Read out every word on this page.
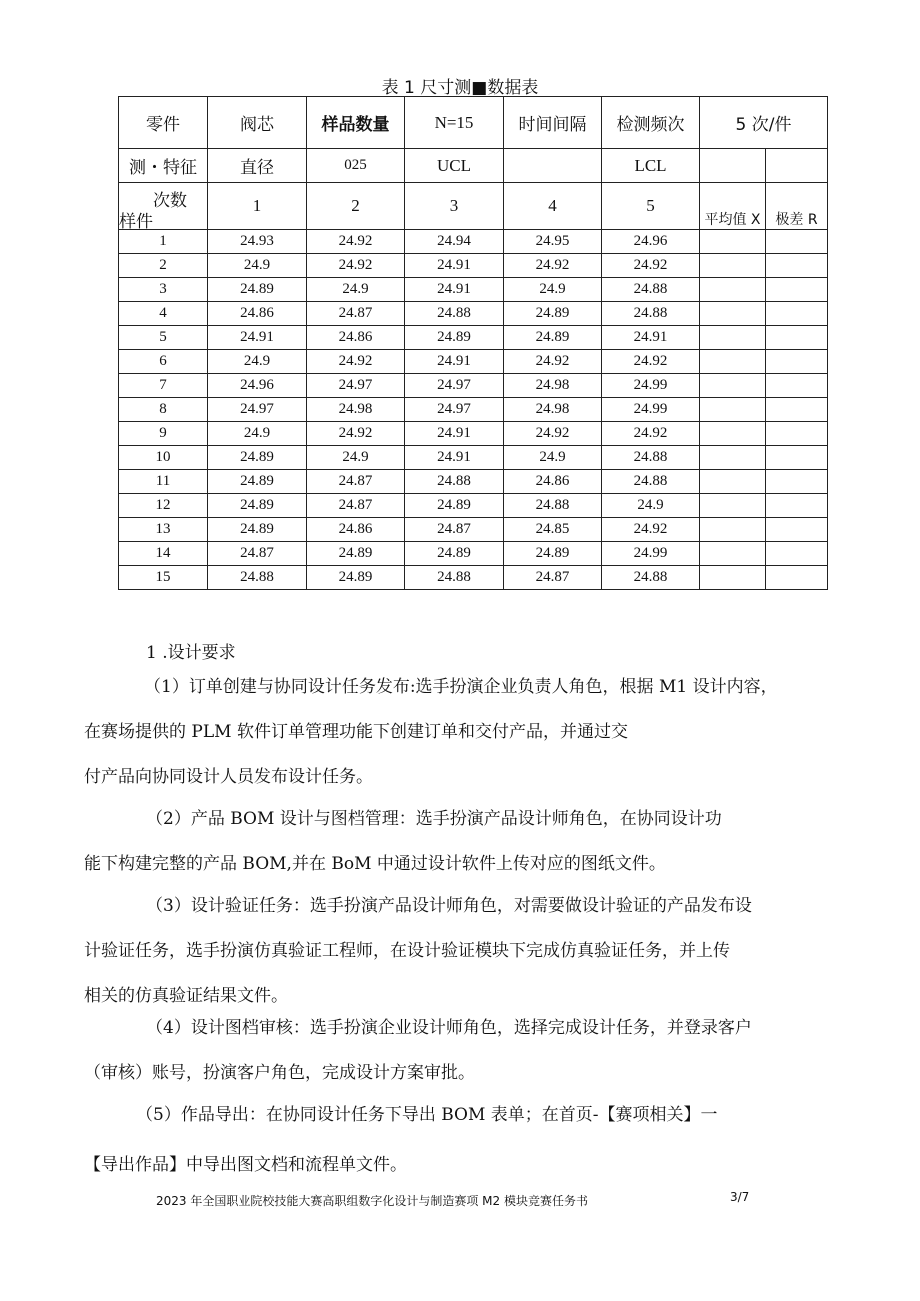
表 1 尺寸测■数据表
零件	阀芯	样品数量	N=15	时间间隔	检测频次	5 次/件	
测・特征	直径	025	UCL		LCL		

次数
样件	1	2	3	4	5	平均值 X	极差 R
1	24.93	24.92	24.94	24.95	24.96		
2	24.9	24.92	24.91	24.92	24.92		
3	24.89	24.9	24.91	24.9	24.88		
4	24.86	24.87	24.88	24.89	24.88		
5	24.91	24.86	24.89	24.89	24.91		
6	24.9	24.92	24.91	24.92	24.92		
7	24.96	24.97	24.97	24.98	24.99		
8	24.97	24.98	24.97	24.98	24.99		
9	24.9	24.92	24.91	24.92	24.92		
10	24.89	24.9	24.91	24.9	24.88		
11	24.89	24.87	24.88	24.86	24.88		
12	24.89	24.87	24.89	24.88	24.9		
13	24.89	24.86	24.87	24.85	24.92		
14	24.87	24.89	24.89	24.89	24.99		
15	24.88	24.89	24.88	24.87	24.88		
1 .设计要求
（1）订单创建与协同设计任务发布:选手扮演企业负责人角色，根据 M1 设计内容，
在赛场提供的 PLM 软件订单管理功能下创建订单和交付产品，并通过交
付产品向协同设计人员发布设计任务。
（2）产品 BOM 设计与图档管理：选手扮演产品设计师角色，在协同设计功
能下构建完整的产品 BOM,并在 BoM 中通过设计软件上传对应的图纸文件。
（3）设计验证任务：选手扮演产品设计师角色，对需要做设计验证的产品发布设
计验证任务，选手扮演仿真验证工程师，在设计验证模块下完成仿真验证任务，并上传
相关的仿真验证结果文件。
（4）设计图档审核：选手扮演企业设计师角色，选择完成设计任务，并登录客户
（审核）账号，扮演客户角色，完成设计方案审批。
（5）作品导出：在协同设计任务下导出 BOM 表单；在首页-【赛项相关】一
【导出作品】中导出图文档和流程单文件。
2023 年全国职业院校技能大赛高职组数字化设计与制造赛项 M2 模块竞赛任务书	3/7
